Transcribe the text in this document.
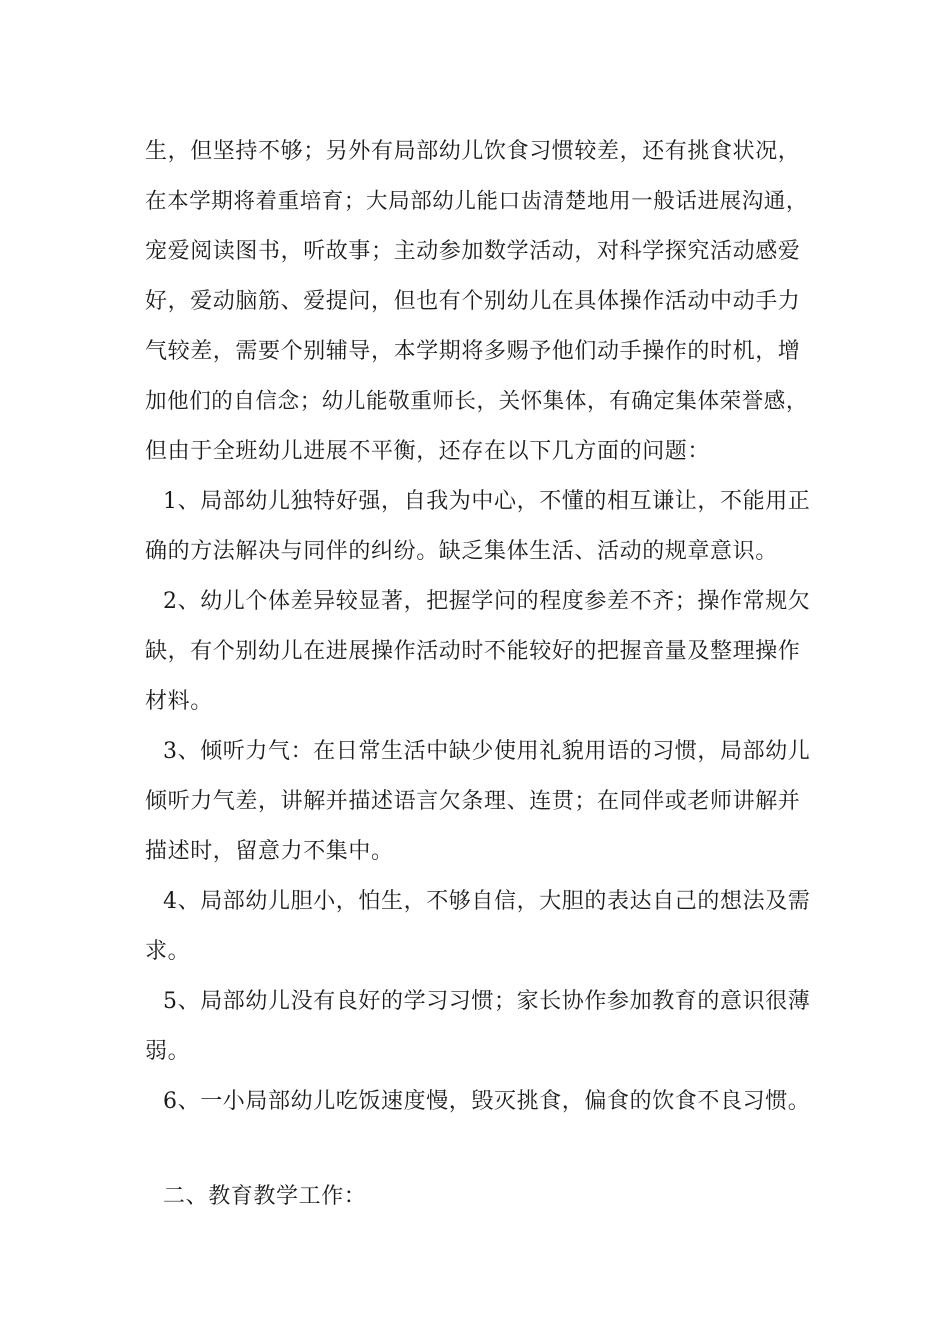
生，但坚持不够；另外有局部幼儿饮食习惯较差，还有挑食状况，
在本学期将着重培育；大局部幼儿能口齿清楚地用一般话进展沟通，
宠爱阅读图书，听故事；主动参加数学活动，对科学探究活动感爱
好，爱动脑筋、爱提问，但也有个别幼儿在具体操作活动中动手力
气较差，需要个别辅导，本学期将多赐予他们动手操作的时机，增
加他们的自信念；幼儿能敬重师长，关怀集体，有确定集体荣誉感，
但由于全班幼儿进展不平衡，还存在以下几方面的问题：
1、局部幼儿独特好强，自我为中心，不懂的相互谦让，不能用正
确的方法解决与同伴的纠纷。缺乏集体生活、活动的规章意识。
2、幼儿个体差异较显著，把握学问的程度参差不齐；操作常规欠
缺，有个别幼儿在进展操作活动时不能较好的把握音量及整理操作
材料。
3、倾听力气：在日常生活中缺少使用礼貌用语的习惯，局部幼儿
倾听力气差，讲解并描述语言欠条理、连贯；在同伴或老师讲解并
描述时，留意力不集中。
4、局部幼儿胆小，怕生，不够自信，大胆的表达自己的想法及需
求。
5、局部幼儿没有良好的学习习惯；家长协作参加教育的意识很薄
弱。
6、一小局部幼儿吃饭速度慢，毁灭挑食，偏食的饮食不良习惯。
二、教育教学工作：
